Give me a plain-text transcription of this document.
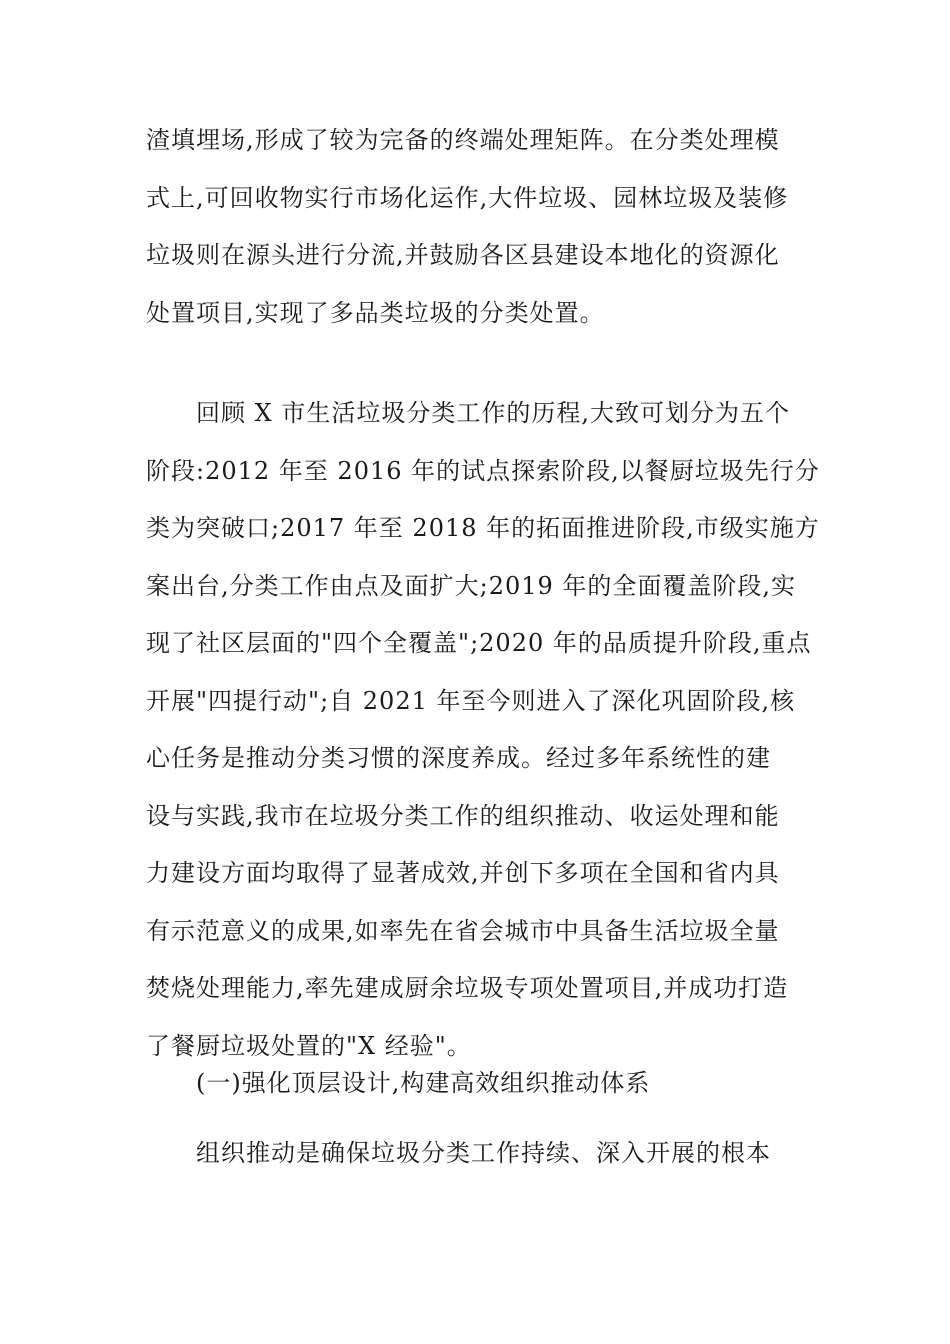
渣填埋场,形成了较为完备的终端处理矩阵。在分类处理模
式上,可回收物实行市场化运作,大件垃圾、园林垃圾及装修
垃圾则在源头进行分流,并鼓励各区县建设本地化的资源化
处置项目,实现了多品类垃圾的分类处置。
回顾 X 市生活垃圾分类工作的历程,大致可划分为五个
阶段:2012 年至 2016 年的试点探索阶段,以餐厨垃圾先行分
类为突破口;2017 年至 2018 年的拓面推进阶段,市级实施方
案出台,分类工作由点及面扩大;2019 年的全面覆盖阶段,实
现了社区层面的"四个全覆盖";2020 年的品质提升阶段,重点
开展"四提行动";自 2021 年至今则进入了深化巩固阶段,核
心任务是推动分类习惯的深度养成。经过多年系统性的建
设与实践,我市在垃圾分类工作的组织推动、收运处理和能
力建设方面均取得了显著成效,并创下多项在全国和省内具
有示范意义的成果,如率先在省会城市中具备生活垃圾全量
焚烧处理能力,率先建成厨余垃圾专项处置项目,并成功打造
了餐厨垃圾处置的"X 经验"。
(一)强化顶层设计,构建高效组织推动体系
组织推动是确保垃圾分类工作持续、深入开展的根本
